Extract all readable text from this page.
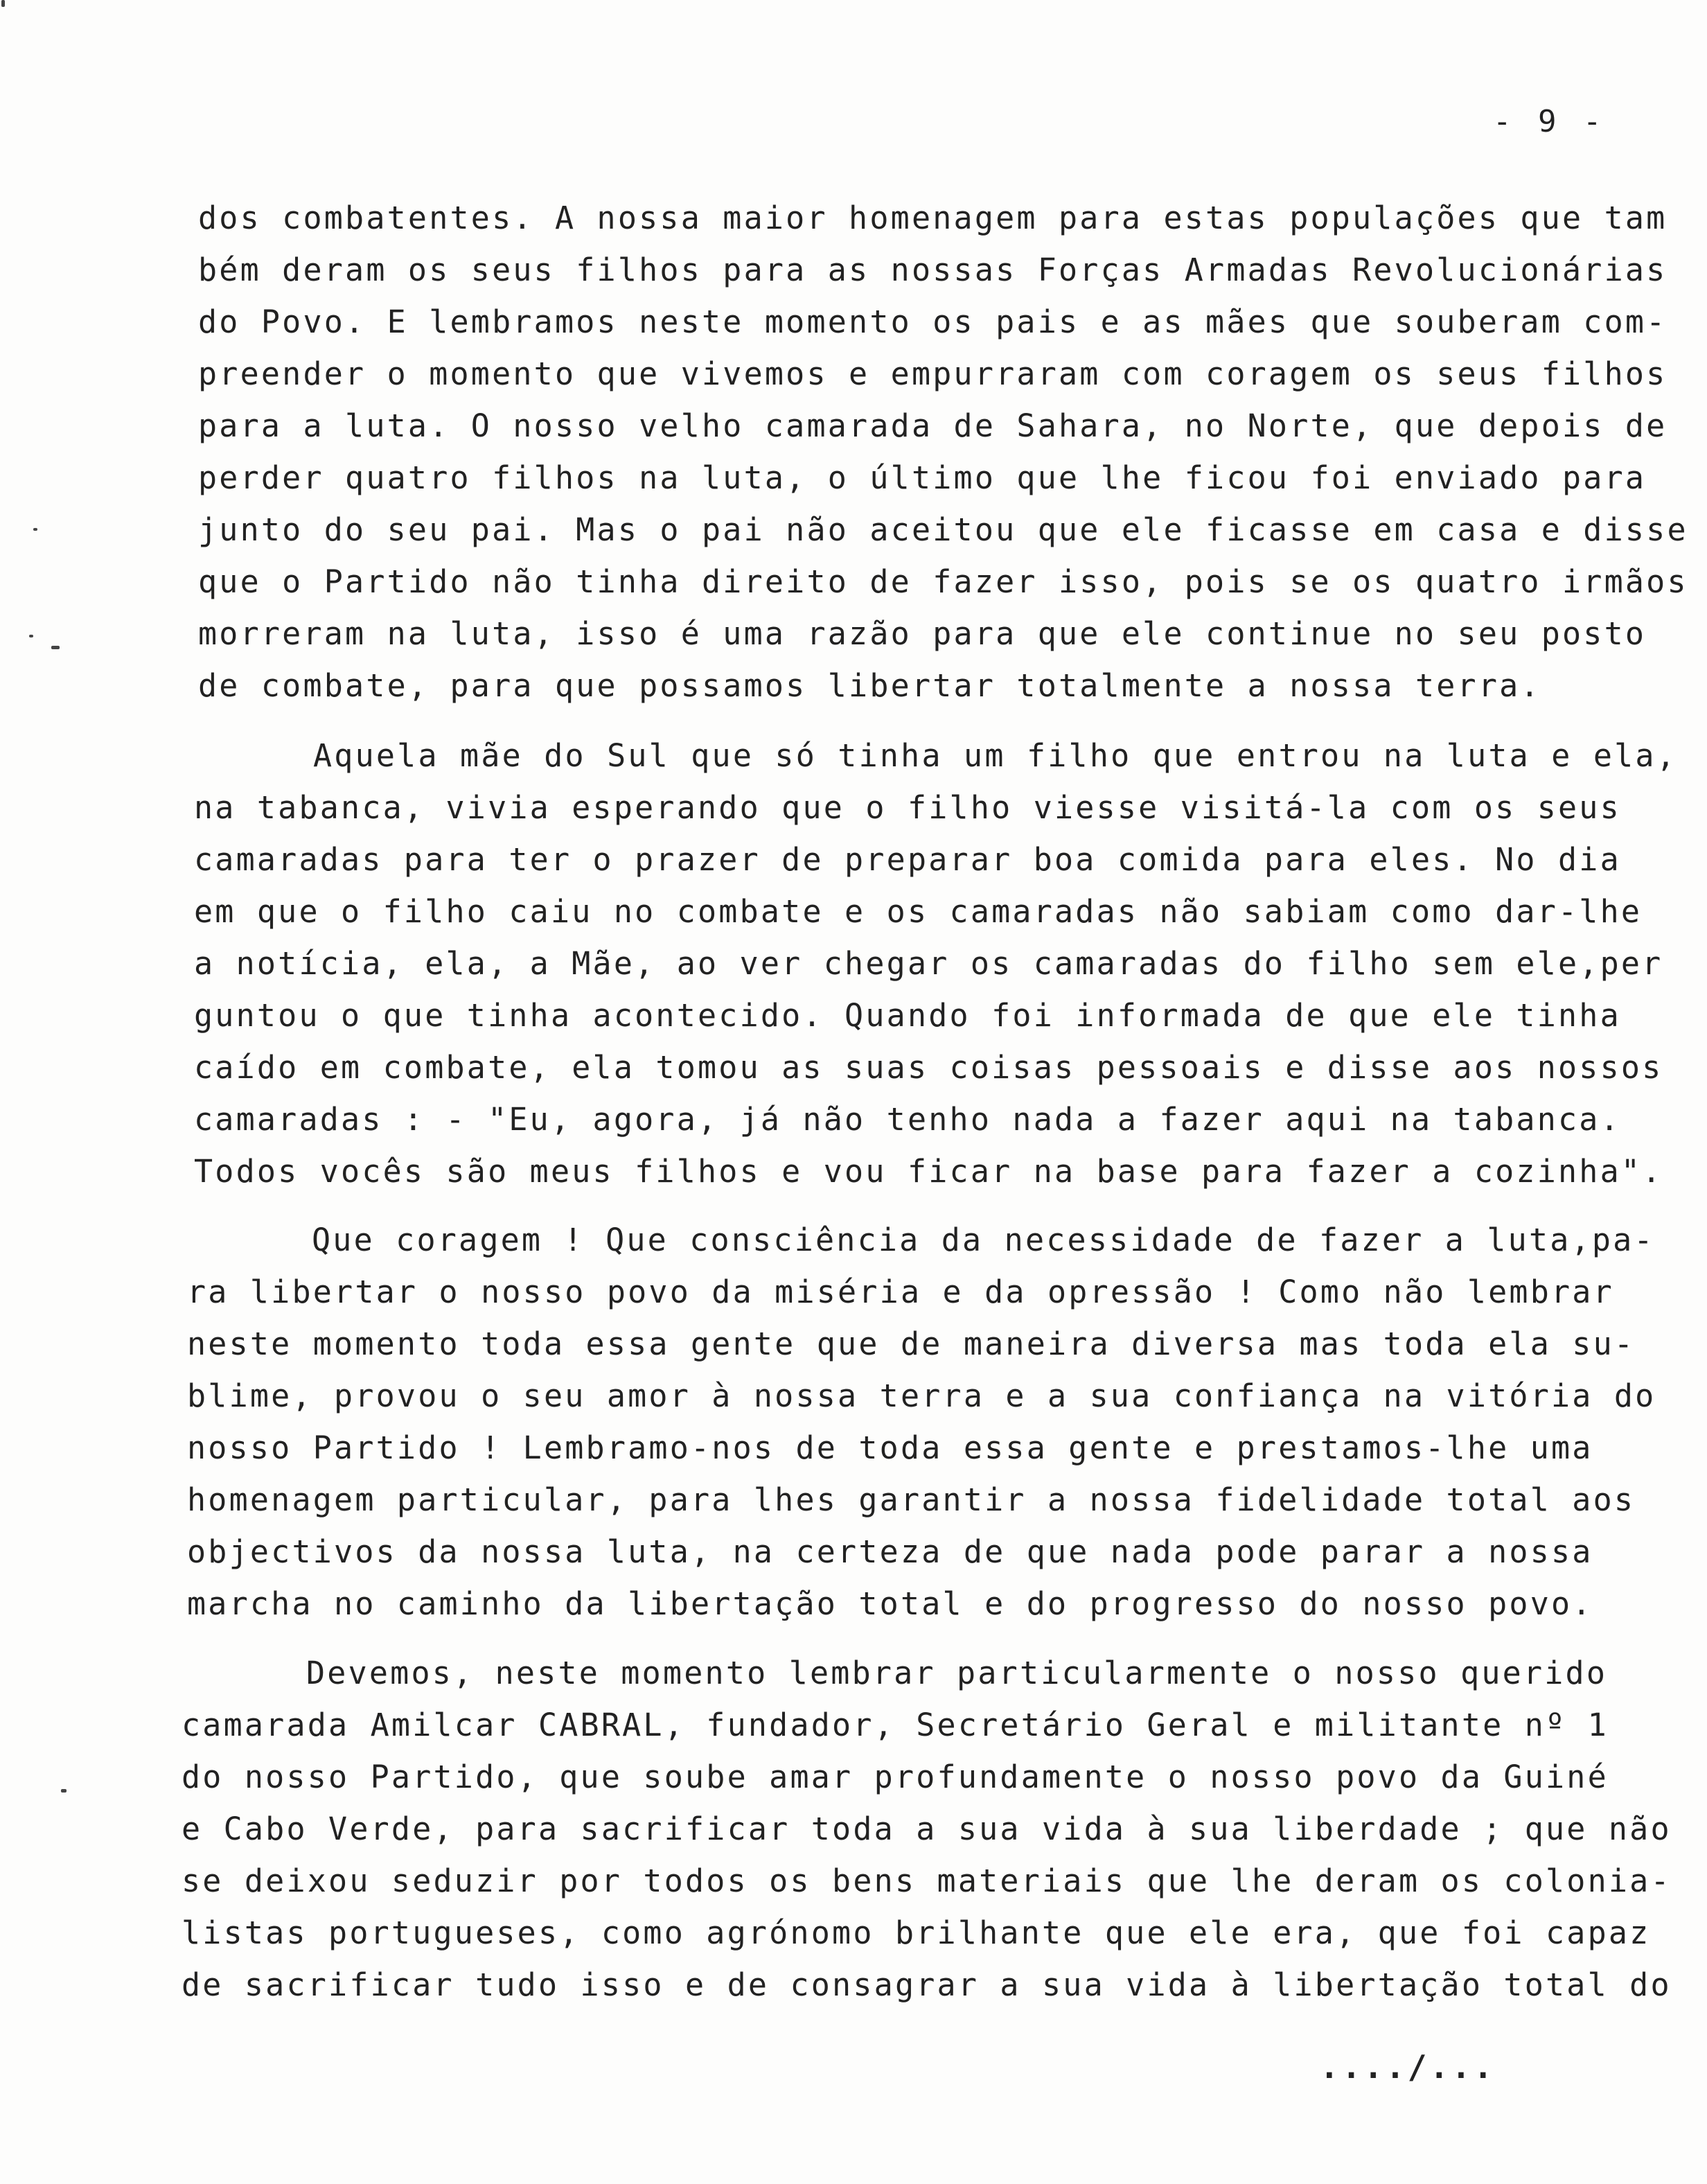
- 9 -
dos combatentes. A nossa maior homenagem para estas populações que tam
bém deram os seus filhos para as nossas Forças Armadas Revolucionárias
do Povo. E lembramos neste momento os pais e as mães que souberam com-
preender o momento que vivemos e empurraram com coragem os seus filhos
para a luta. O nosso velho camarada de Sahara, no Norte, que depois de
perder quatro filhos na luta, o último que lhe ficou foi enviado para
junto do seu pai. Mas o pai não aceitou que ele ficasse em casa e disse
que o Partido não tinha direito de fazer isso, pois se os quatro irmãos
morreram na luta, isso é uma razão para que ele continue no seu posto
de combate, para que possamos libertar totalmente a nossa terra.
Aquela mãe do Sul que só tinha um filho que entrou na luta e ela,
na tabanca, vivia esperando que o filho viesse visitá-la com os seus
camaradas para ter o prazer de preparar boa comida para eles. No dia
em que o filho caiu no combate e os camaradas não sabiam como dar-lhe
a notícia, ela, a Mãe, ao ver chegar os camaradas do filho sem ele,per
guntou o que tinha acontecido. Quando foi informada de que ele tinha
caído em combate, ela tomou as suas coisas pessoais e disse aos nossos
camaradas : - "Eu, agora, já não tenho nada a fazer aqui na tabanca.
Todos vocês são meus filhos e vou ficar na base para fazer a cozinha".
Que coragem ! Que consciência da necessidade de fazer a luta,pa-
ra libertar o nosso povo da miséria e da opressão ! Como não lembrar
neste momento toda essa gente que de maneira diversa mas toda ela su-
blime, provou o seu amor à nossa terra e a sua confiança na vitória do
nosso Partido ! Lembramo-nos de toda essa gente e prestamos-lhe uma
homenagem particular, para lhes garantir a nossa fidelidade total aos
objectivos da nossa luta, na certeza de que nada pode parar a nossa
marcha no caminho da libertação total e do progresso do nosso povo.
Devemos, neste momento lembrar particularmente o nosso querido
camarada Amilcar CABRAL, fundador, Secretário Geral e militante nº 1
do nosso Partido, que soube amar profundamente o nosso povo da Guiné
e Cabo Verde, para sacrificar toda a sua vida à sua liberdade ; que não
se deixou seduzir por todos os bens materiais que lhe deram os colonia-
listas portugueses, como agrónomo brilhante que ele era, que foi capaz
de sacrificar tudo isso e de consagrar a sua vida à libertação total do
..../...
